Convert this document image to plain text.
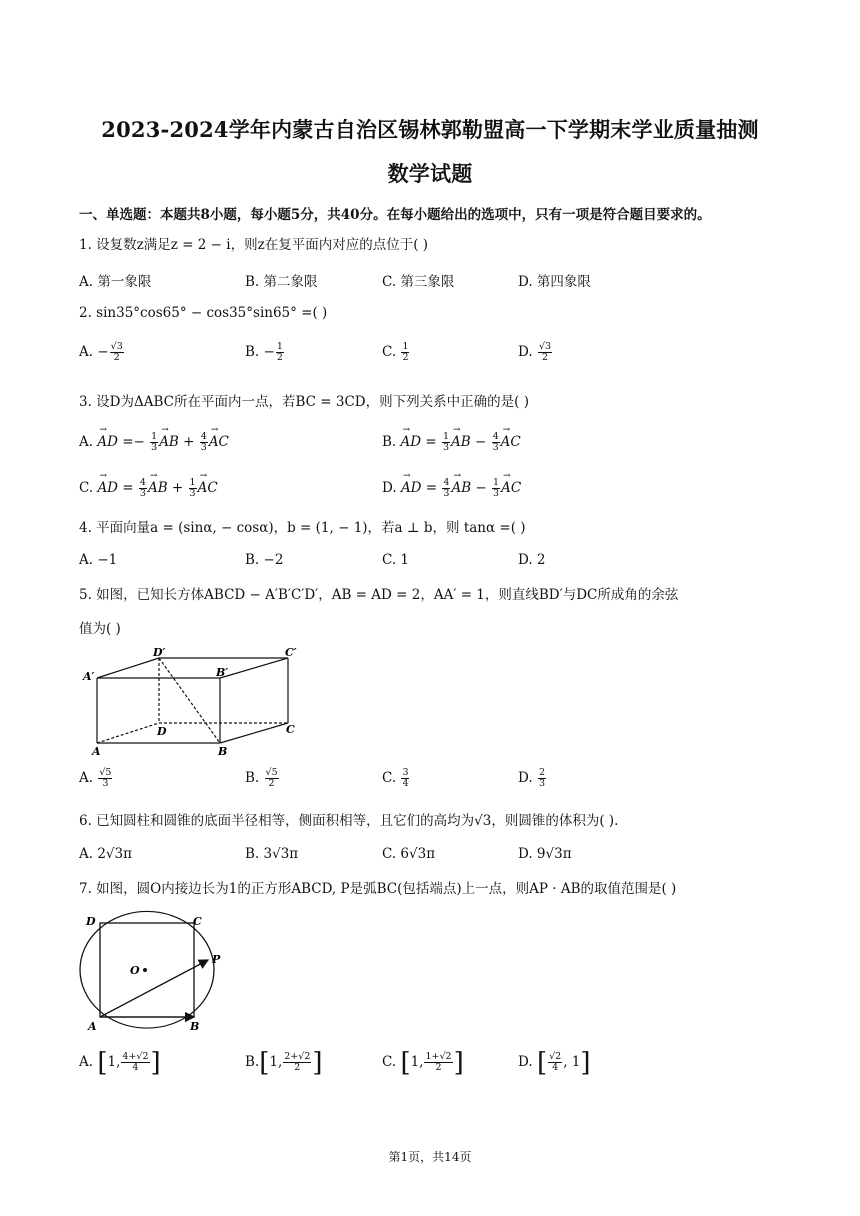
2023-2024学年内蒙古自治区锡林郭勒盟高一下学期末学业质量抽测
数学试题
一、单选题：本题共8小题，每小题5分，共40分。在每小题给出的选项中，只有一项是符合题目要求的。
1. 设复数z满足z = 2 − i，则z在复平面内对应的点位于( )
A. 第一象限	B. 第二象限	C. 第三象限	D. 第四象限
2. sin35°cos65° − cos35°sin65° =( )
A. − $\frac{√3}{2}$	B. − $\frac{1}{2}$	C. $\frac{1}{2}$	D. $\frac{√3}{2}$
3. 设D为ΔABC所在平面内一点，若BC = 3CD，则下列关系中正确的是( )
A. → AD =− $\frac{1}{3}$ → AB + $\frac{4}{3}$ → AC	B. → AD = $\frac{1}{3}$ → AB − $\frac{4}{3}$ → AC
C. → AD = $\frac{4}{3}$ → AB + $\frac{1}{3}$ → AC	D. → AD = $\frac{4}{3}$ → AB − $\frac{1}{3}$ → AC
4. 平面向量a = (sinα, − cosα)，b = (1, − 1)，若a ⊥ b，则 tanα =( )
A. −1	B. −2	C. 1	D. 2
5. 如图，已知长方体ABCD − A′B′C′D′，AB = AD = 2，AA′ = 1，则直线BD′与DC所成角的余弦
值为( )
D′	C′
A′	B′
D	C
A	B
A. $\frac{√5}{3}$	B. $\frac{√5}{2}$	C. $\frac{3}{4}$	D. $\frac{2}{3}$
6. 已知圆柱和圆锥的底面半径相等，侧面积相等，且它们的高均为√3，则圆锥的体积为( ).
A. 2√3π	B. 3√3π	C. 6√3π	D. 9√3π
7. 如图，圆O内接边长为1的正方形ABCD, P是弧BC(包括端点)上一点，则AP · AB的取值范围是( )
D	C
O
P
A	B
A. [1, $\frac{4+√2}{4}$ ]	B.[1, $\frac{2+√2}{2}$ ]	C. [1, $\frac{1+√2}{2}$ ]	D. [ $\frac{√2}{4}$ , 1]
第1页，共14页
